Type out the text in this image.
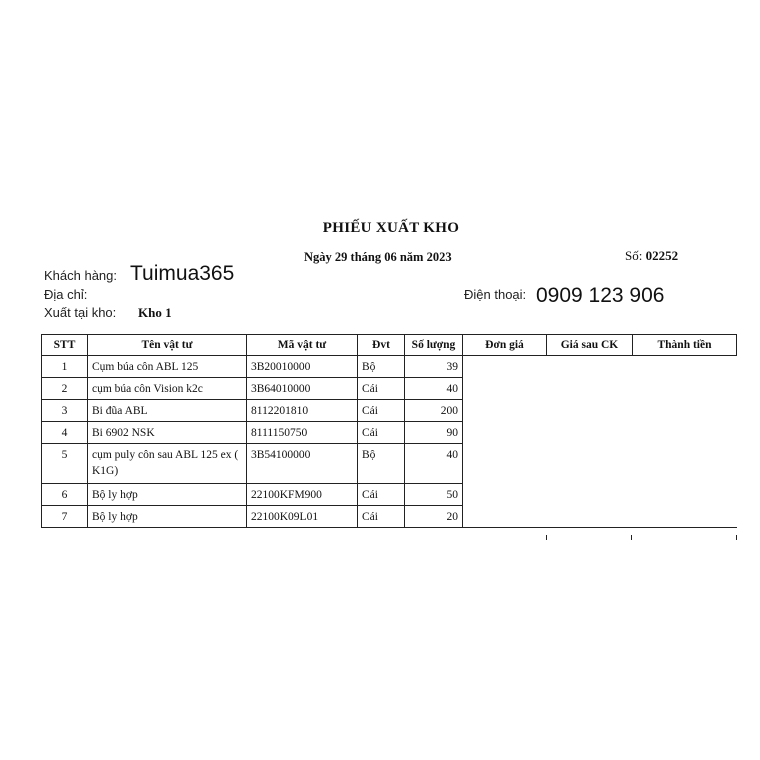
PHIẾU XUẤT KHO
Ngày 29 tháng 06 năm 2023	Số: 02252
Khách hàng: Tuimua365
Địa chỉ:	Điện thoại: 0909 123 906
Xuất tại kho: Kho 1
STT	Tên vật tư	Mã vật tư	Đvt	Số lượng	Đơn giá	Giá sau CK	Thành tiền
1	Cụm búa côn ABL 125	3B20010000	Bộ	39			
2	cụm búa côn Vision k2c	3B64010000	Cái	40			
3	Bi đũa ABL	8112201810	Cái	200			
4	Bi 6902 NSK	8111150750	Cái	90			
5	cụm puly côn sau ABL 125 ex ( K1G)	3B54100000	Bộ	40			
6	Bộ ly hợp	22100KFM900	Cái	50			
7	Bộ ly hợp	22100K09L01	Cái	20			
